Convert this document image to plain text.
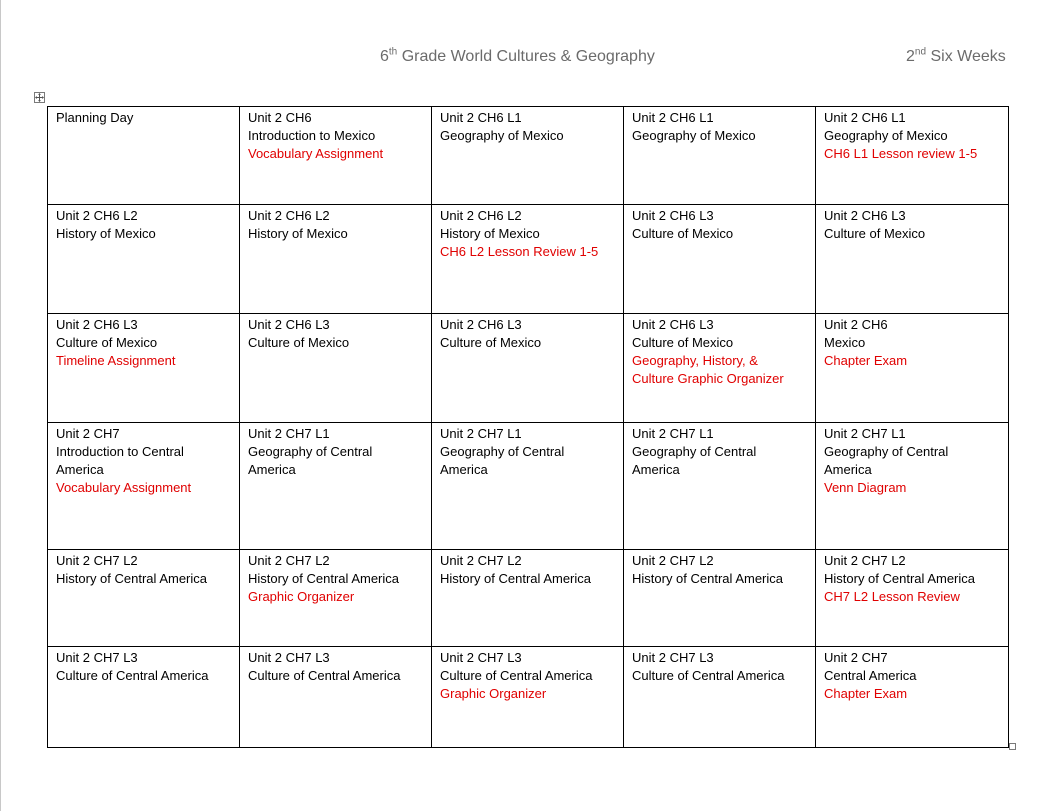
6th Grade World Cultures & Geography	2nd Six Weeks
Planning Day	Unit 2 CH6
Introduction to Mexico
Vocabulary Assignment	Unit 2 CH6 L1
Geography of Mexico	Unit 2 CH6 L1
Geography of Mexico	Unit 2 CH6 L1
Geography of Mexico
CH6 L1 Lesson review 1-5

Unit 2 CH6 L2
History of Mexico	Unit 2 CH6 L2
History of Mexico	Unit 2 CH6 L2
History of Mexico
CH6 L2 Lesson Review 1-5	Unit 2 CH6 L3
Culture of Mexico	Unit 2 CH6 L3
Culture of Mexico

Unit 2 CH6 L3
Culture of Mexico
Timeline Assignment	Unit 2 CH6 L3
Culture of Mexico	Unit 2 CH6 L3
Culture of Mexico	Unit 2 CH6 L3
Culture of Mexico
Geography, History, &
Culture Graphic Organizer	Unit 2 CH6
Mexico
Chapter Exam

Unit 2 CH7
Introduction to Central
America
Vocabulary Assignment	Unit 2 CH7 L1
Geography of Central
America	Unit 2 CH7 L1
Geography of Central
America	Unit 2 CH7 L1
Geography of Central
America	Unit 2 CH7 L1
Geography of Central
America
Venn Diagram

Unit 2 CH7 L2
History of Central America	Unit 2 CH7 L2
History of Central America
Graphic Organizer	Unit 2 CH7 L2
History of Central America	Unit 2 CH7 L2
History of Central America	Unit 2 CH7 L2
History of Central America
CH7 L2 Lesson Review

Unit 2 CH7 L3
Culture of Central America	Unit 2 CH7 L3
Culture of Central America	Unit 2 CH7 L3
Culture of Central America
Graphic Organizer	Unit 2 CH7 L3
Culture of Central America	Unit 2 CH7
Central America
Chapter Exam
